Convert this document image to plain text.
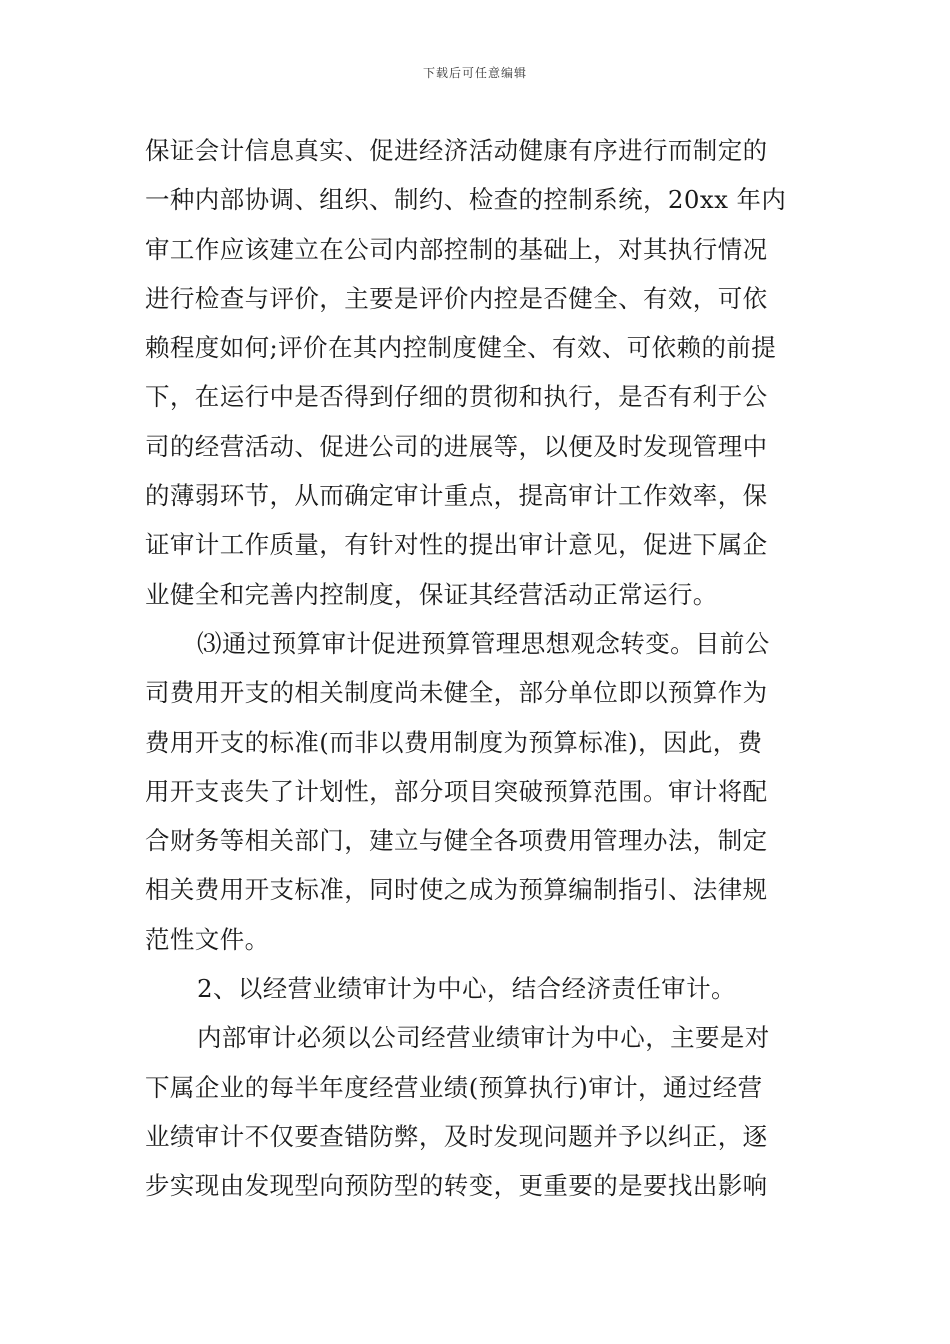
下载后可任意编辑
保证会计信息真实、促进经济活动健康有序进行而制定的
一种内部协调、组织、制约、检查的控制系统，20xx 年内
审工作应该建立在公司内部控制的基础上，对其执行情况
进行检查与评价，主要是评价内控是否健全、有效，可依
赖程度如何;评价在其内控制度健全、有效、可依赖的前提
下，在运行中是否得到仔细的贯彻和执行，是否有利于公
司的经营活动、促进公司的进展等，以便及时发现管理中
的薄弱环节，从而确定审计重点，提高审计工作效率，保
证审计工作质量，有针对性的提出审计意见，促进下属企
业健全和完善内控制度，保证其经营活动正常运行。
⑶通过预算审计促进预算管理思想观念转变。目前公
司费用开支的相关制度尚未健全，部分单位即以预算作为
费用开支的标准(而非以费用制度为预算标准)，因此，费
用开支丧失了计划性，部分项目突破预算范围。审计将配
合财务等相关部门，建立与健全各项费用管理办法，制定
相关费用开支标准，同时使之成为预算编制指引、法律规
范性文件。
2、以经营业绩审计为中心，结合经济责任审计。
内部审计必须以公司经营业绩审计为中心，主要是对
下属企业的每半年度经营业绩(预算执行)审计，通过经营
业绩审计不仅要查错防弊，及时发现问题并予以纠正，逐
步实现由发现型向预防型的转变，更重要的是要找出影响
